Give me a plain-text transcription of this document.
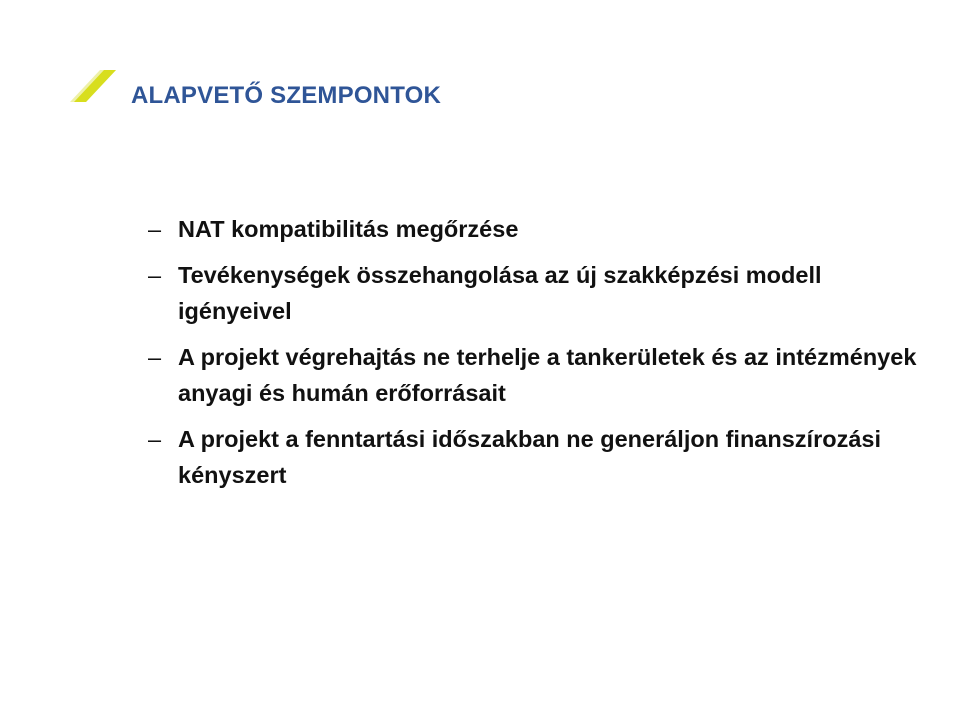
ALAPVETŐ SZEMPONTOK
– NAT kompatibilitás megőrzése
– Tevékenységek összehangolása az új szakképzési modell igényeivel
– A projekt végrehajtás ne terhelje a tankerületek és az intézmények anyagi és humán erőforrásait
– A projekt a fenntartási időszakban ne generáljon finanszírozási kényszert
